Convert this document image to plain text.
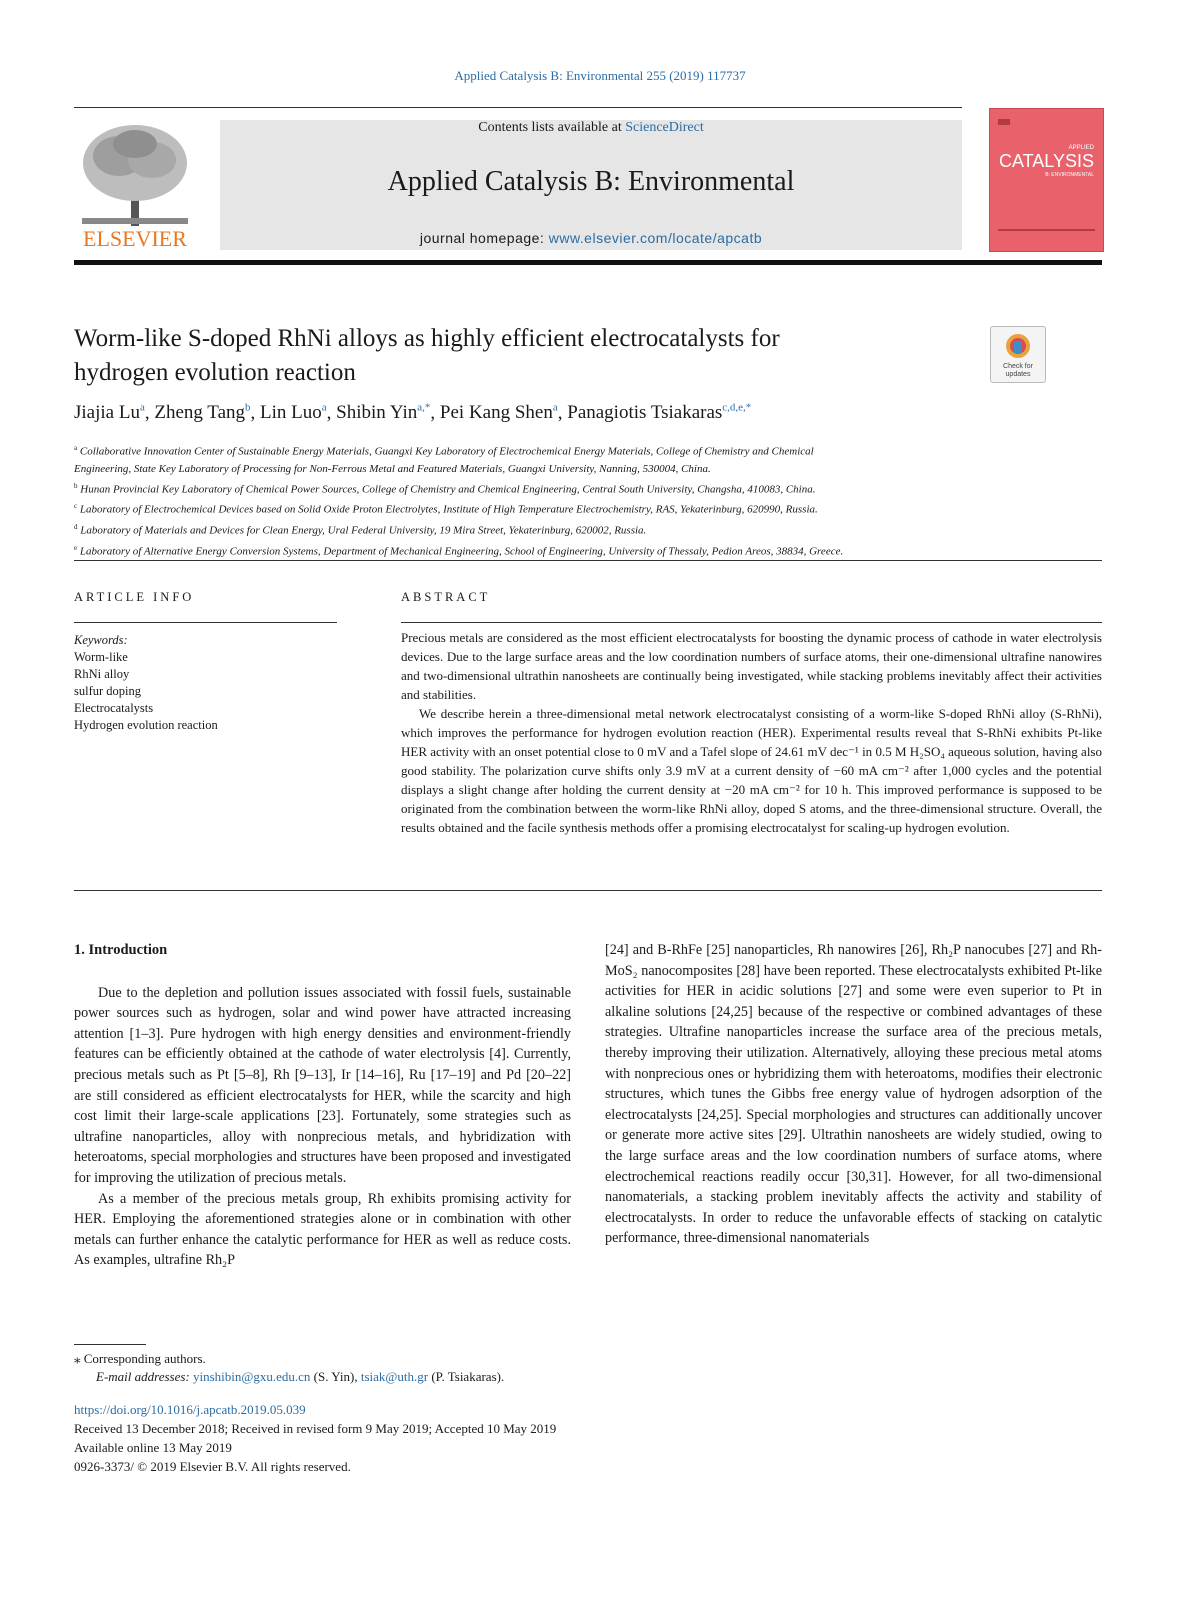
Applied Catalysis B: Environmental 255 (2019) 117737
ELSEVIER
Contents lists available at ScienceDirect
Applied Catalysis B: Environmental
journal homepage: www.elsevier.com/locate/apcatb
APPLIED
CATALYSIS
B: ENVIRONMENTAL
Worm-like S-doped RhNi alloys as highly efficient electrocatalysts for
hydrogen evolution reaction	Check for
updates
Jiajia Lu$^a$, Zheng Tang$^b$, Lin Luo$^a$, Shibin Yin$^{a,*}$, Pei Kang Shen$^a$, Panagiotis Tsiakaras$^{c,d,e,*}$
$^a$ Collaborative Innovation Center of Sustainable Energy Materials, Guangxi Key Laboratory of Electrochemical Energy Materials, College of Chemistry and Chemical
Engineering, State Key Laboratory of Processing for Non-Ferrous Metal and Featured Materials, Guangxi University, Nanning, 530004, China.
$^b$ Hunan Provincial Key Laboratory of Chemical Power Sources, College of Chemistry and Chemical Engineering, Central South University, Changsha, 410083, China.
$^c$ Laboratory of Electrochemical Devices based on Solid Oxide Proton Electrolytes, Institute of High Temperature Electrochemistry, RAS, Yekaterinburg, 620990, Russia.
$^d$ Laboratory of Materials and Devices for Clean Energy, Ural Federal University, 19 Mira Street, Yekaterinburg, 620002, Russia.
$^e$ Laboratory of Alternative Energy Conversion Systems, Department of Mechanical Engineering, School of Engineering, University of Thessaly, Pedion Areos, 38834, Greece.
ARTICLE INFO	ABSTRACT
Keywords:
Worm-like
RhNi alloy
sulfur doping
Electrocatalysts
Hydrogen evolution reaction

Precious metals are considered as the most efficient electrocatalysts for boosting the dynamic process of cathode in water electrolysis devices. Due to the large surface areas and the low coordination numbers of surface atoms, their one-dimensional ultrafine nanowires and two-dimensional ultrathin nanosheets are continually being investigated, while stacking problems inevitably affect their activities and stabilities.

We describe herein a three-dimensional metal network electrocatalyst consisting of a worm-like S-doped RhNi alloy (S-RhNi), which improves the performance for hydrogen evolution reaction (HER). Experimental results reveal that S-RhNi exhibits Pt-like HER activity with an onset potential close to 0 mV and a Tafel slope of 24.61 mV dec⁻¹ in 0.5 M H₂SO₄ aqueous solution, having also good stability. The polarization curve shifts only 3.9 mV at a current density of −60 mA cm⁻² after 1,000 cycles and the potential displays a slight change after holding the current density at −20 mA cm⁻² for 10 h. This improved performance is supposed to be originated from the combination between the worm-like RhNi alloy, doped S atoms, and the three-dimensional structure. Overall, the results obtained and the facile synthesis methods offer a promising electrocatalyst for scaling-up hydrogen evolution.

1. Introduction

Due to the depletion and pollution issues associated with fossil fuels, sustainable power sources such as hydrogen, solar and wind power have attracted increasing attention [1–3]. Pure hydrogen with high energy densities and environment-friendly features can be efficiently obtained at the cathode of water electrolysis [4]. Currently, precious metals such as Pt [5–8], Rh [9–13], Ir [14–16], Ru [17–19] and Pd [20–22] are still considered as efficient electrocatalysts for HER, while the scarcity and high cost limit their large-scale applications [23]. Fortunately, some strategies such as ultrafine nanoparticles, alloy with nonprecious metals, and hybridization with heteroatoms, special morphologies and structures have been proposed and investigated for improving the utilization of precious metals.

As a member of the precious metals group, Rh exhibits promising activity for HER. Employing the aforementioned strategies alone or in combination with other metals can further enhance the catalytic performance for HER as well as reduce costs. As examples, ultrafine Rh₂P

[24] and B-RhFe [25] nanoparticles, Rh nanowires [26], Rh₂P nanocubes [27] and Rh-MoS₂ nanocomposites [28] have been reported. These electrocatalysts exhibited Pt-like activities for HER in acidic solutions [27] and some were even superior to Pt in alkaline solutions [24,25] because of the respective or combined advantages of these strategies. Ultrafine nanoparticles increase the surface area of the precious metals, thereby improving their utilization. Alternatively, alloying these precious metal atoms with nonprecious ones or hybridizing them with heteroatoms, modifies their electronic structures, which tunes the Gibbs free energy value of hydrogen adsorption of the electrocatalysts [24,25]. Special morphologies and structures can additionally uncover or generate more active sites [29]. Ultrathin nanosheets are widely studied, owing to the large surface areas and the low coordination numbers of surface atoms, where electrochemical reactions readily occur [30,31]. However, for all two-dimensional nanomaterials, a stacking problem inevitably affects the activity and stability of electrocatalysts. In order to reduce the unfavorable effects of stacking on catalytic performance, three-dimensional nanomaterials

⁎ Corresponding authors.
E-mail addresses: yinshibin@gxu.edu.cn (S. Yin), tsiak@uth.gr (P. Tsiakaras).
https://doi.org/10.1016/j.apcatb.2019.05.039
Received 13 December 2018; Received in revised form 9 May 2019; Accepted 10 May 2019
Available online 13 May 2019
0926-3373/ © 2019 Elsevier B.V. All rights reserved.
